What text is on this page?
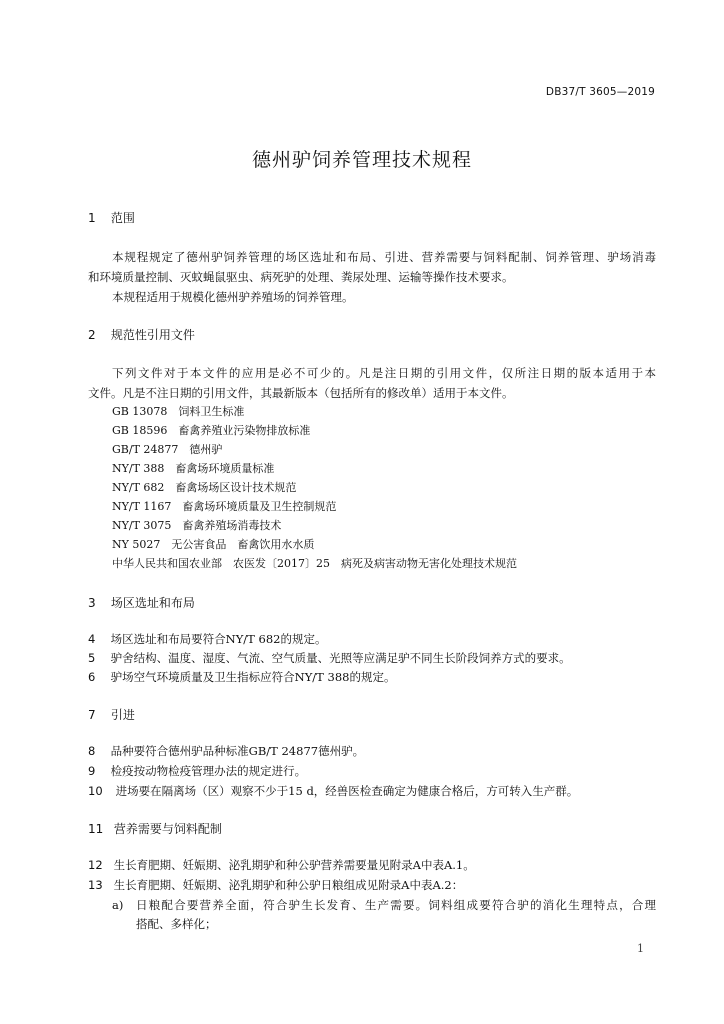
DB37/T 3605—2019
德州驴饲养管理技术规程
1 范围
本规程规定了德州驴饲养管理的场区选址和布局、引进、营养需要与饲料配制、饲养管理、驴场消毒
和环境质量控制、灭蚊蝇鼠驱虫、病死驴的处理、粪尿处理、运输等操作技术要求。
本规程适用于规模化德州驴养殖场的饲养管理。
2 规范性引用文件
下列文件对于本文件的应用是必不可少的。凡是注日期的引用文件，仅所注日期的版本适用于本
文件。凡是不注日期的引用文件，其最新版本（包括所有的修改单）适用于本文件。
GB 13078　饲料卫生标准
GB 18596　畜禽养殖业污染物排放标准
GB/T 24877　德州驴
NY/T 388　畜禽场环境质量标准
NY/T 682　畜禽场场区设计技术规范
NY/T 1167　畜禽场环境质量及卫生控制规范
NY/T 3075　畜禽养殖场消毒技术
NY 5027　无公害食品　畜禽饮用水水质
中华人民共和国农业部　农医发〔2017〕25　病死及病害动物无害化处理技术规范
3 场区选址和布局
4 场区选址和布局要符合NY/T 682的规定。
5 驴舍结构、温度、湿度、气流、空气质量、光照等应满足驴不同生长阶段饲养方式的要求。
6 驴场空气环境质量及卫生指标应符合NY/T 388的规定。
7 引进
8 品种要符合德州驴品种标准GB/T 24877德州驴。
9 检疫按动物检疫管理办法的规定进行。
10 进场要在隔离场（区）观察不少于15 d，经兽医检查确定为健康合格后，方可转入生产群。
11 营养需要与饲料配制
12 生长育肥期、妊娠期、泌乳期驴和种公驴营养需要量见附录A中表A.1。
13 生长育肥期、妊娠期、泌乳期驴和种公驴日粮组成见附录A中表A.2：
a) 日粮配合要营养全面，符合驴生长发育、生产需要。饲料组成要符合驴的消化生理特点，合理
搭配、多样化；
1
